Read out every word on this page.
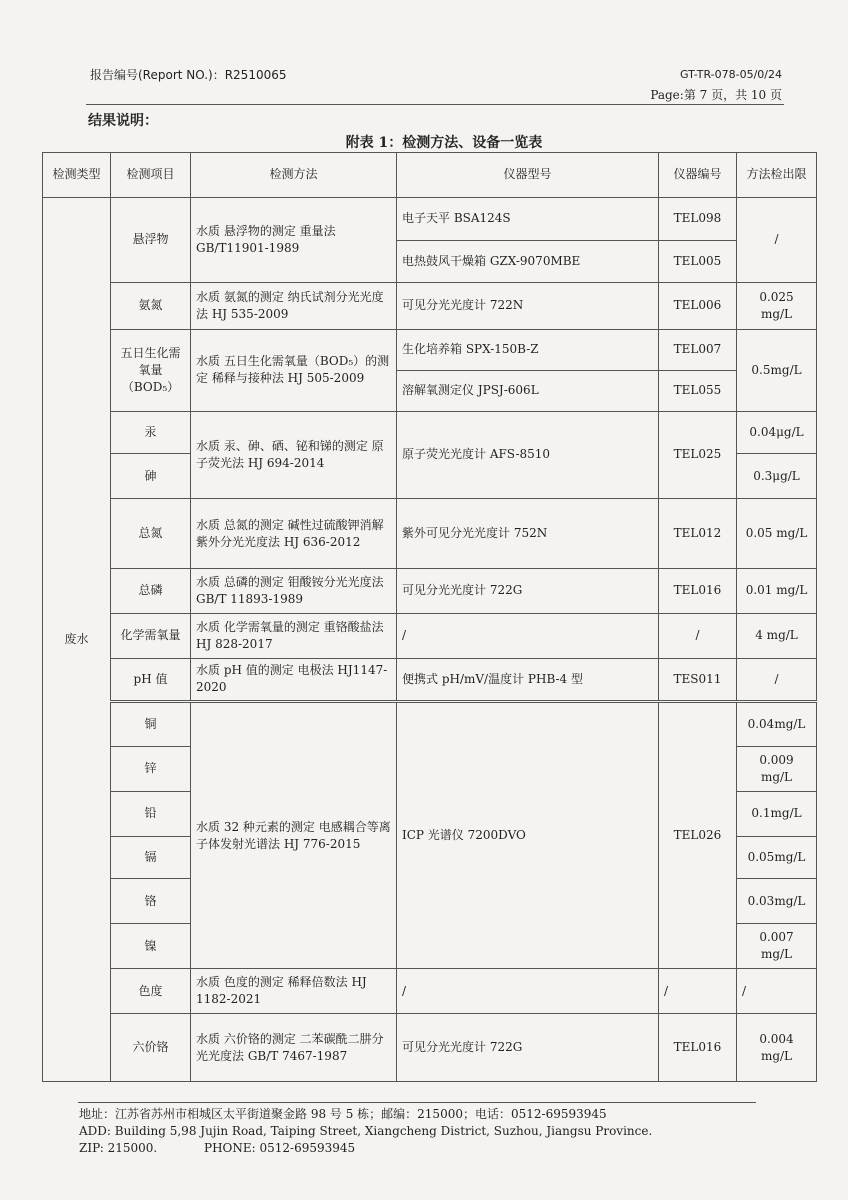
报告编号(Report NO.)：R2510065	GT-TR-078-05/0/24
Page:第 7 页，共 10 页
结果说明：
附表 1：检测方法、设备一览表
检测类型	检测项目	检测方法	仪器型号	仪器编号	方法检出限
废水	悬浮物	水质 悬浮物的测定 重量法 GB/T11901-1989	电子天平 BSA124S	TEL098	/
			电热鼓风干燥箱 GZX-9070MBE	TEL005	
	氨氮	水质 氨氮的测定 纳氏试剂分光光度法 HJ 535-2009	可见分光光度计 722N	TEL006	0.025 mg/L
	五日生化需氧量（BOD₅）	水质 五日生化需氧量（BOD₅）的测定 稀释与接种法 HJ 505-2009	生化培养箱 SPX-150B-Z	TEL007	0.5mg/L
			溶解氧测定仪 JPSJ-606L	TEL055	
	汞	水质 汞、砷、硒、铋和锑的测定 原子荧光法 HJ 694-2014	原子荧光光度计 AFS-8510	TEL025	0.04μg/L
	砷				0.3μg/L
	总氮	水质 总氮的测定 碱性过硫酸钾消解紫外分光光度法 HJ 636-2012	紫外可见分光光度计 752N	TEL012	0.05 mg/L
	总磷	水质 总磷的测定 钼酸铵分光光度法 GB/T 11893-1989	可见分光光度计 722G	TEL016	0.01 mg/L
	化学需氧量	水质 化学需氧量的测定 重铬酸盐法 HJ 828-2017	/	/	4 mg/L
	pH 值	水质 pH 值的测定 电极法 HJ1147-2020	便携式 pH/mV/温度计 PHB-4 型	TES011	/
	铜	水质 32 种元素的测定 电感耦合等离子体发射光谱法 HJ 776-2015	ICP 光谱仪 7200DVO	TEL026	0.04mg/L
	锌				0.009 mg/L
	铅				0.1mg/L
	镉				0.05mg/L
	铬				0.03mg/L
	镍				0.007 mg/L
	色度	水质 色度的测定 稀释倍数法 HJ 1182-2021	/	/	/
	六价铬	水质 六价铬的测定 二苯碳酰二肼分光光度法 GB/T 7467-1987	可见分光光度计 722G	TEL016	0.004 mg/L
地址：江苏省苏州市相城区太平街道聚金路 98 号 5 栋；邮编：215000；电话：0512-69593945
ADD: Building 5,98 Jujin Road, Taiping Street, Xiangcheng District, Suzhou, Jiangsu Province.
ZIP: 215000.	PHONE: 0512-69593945
